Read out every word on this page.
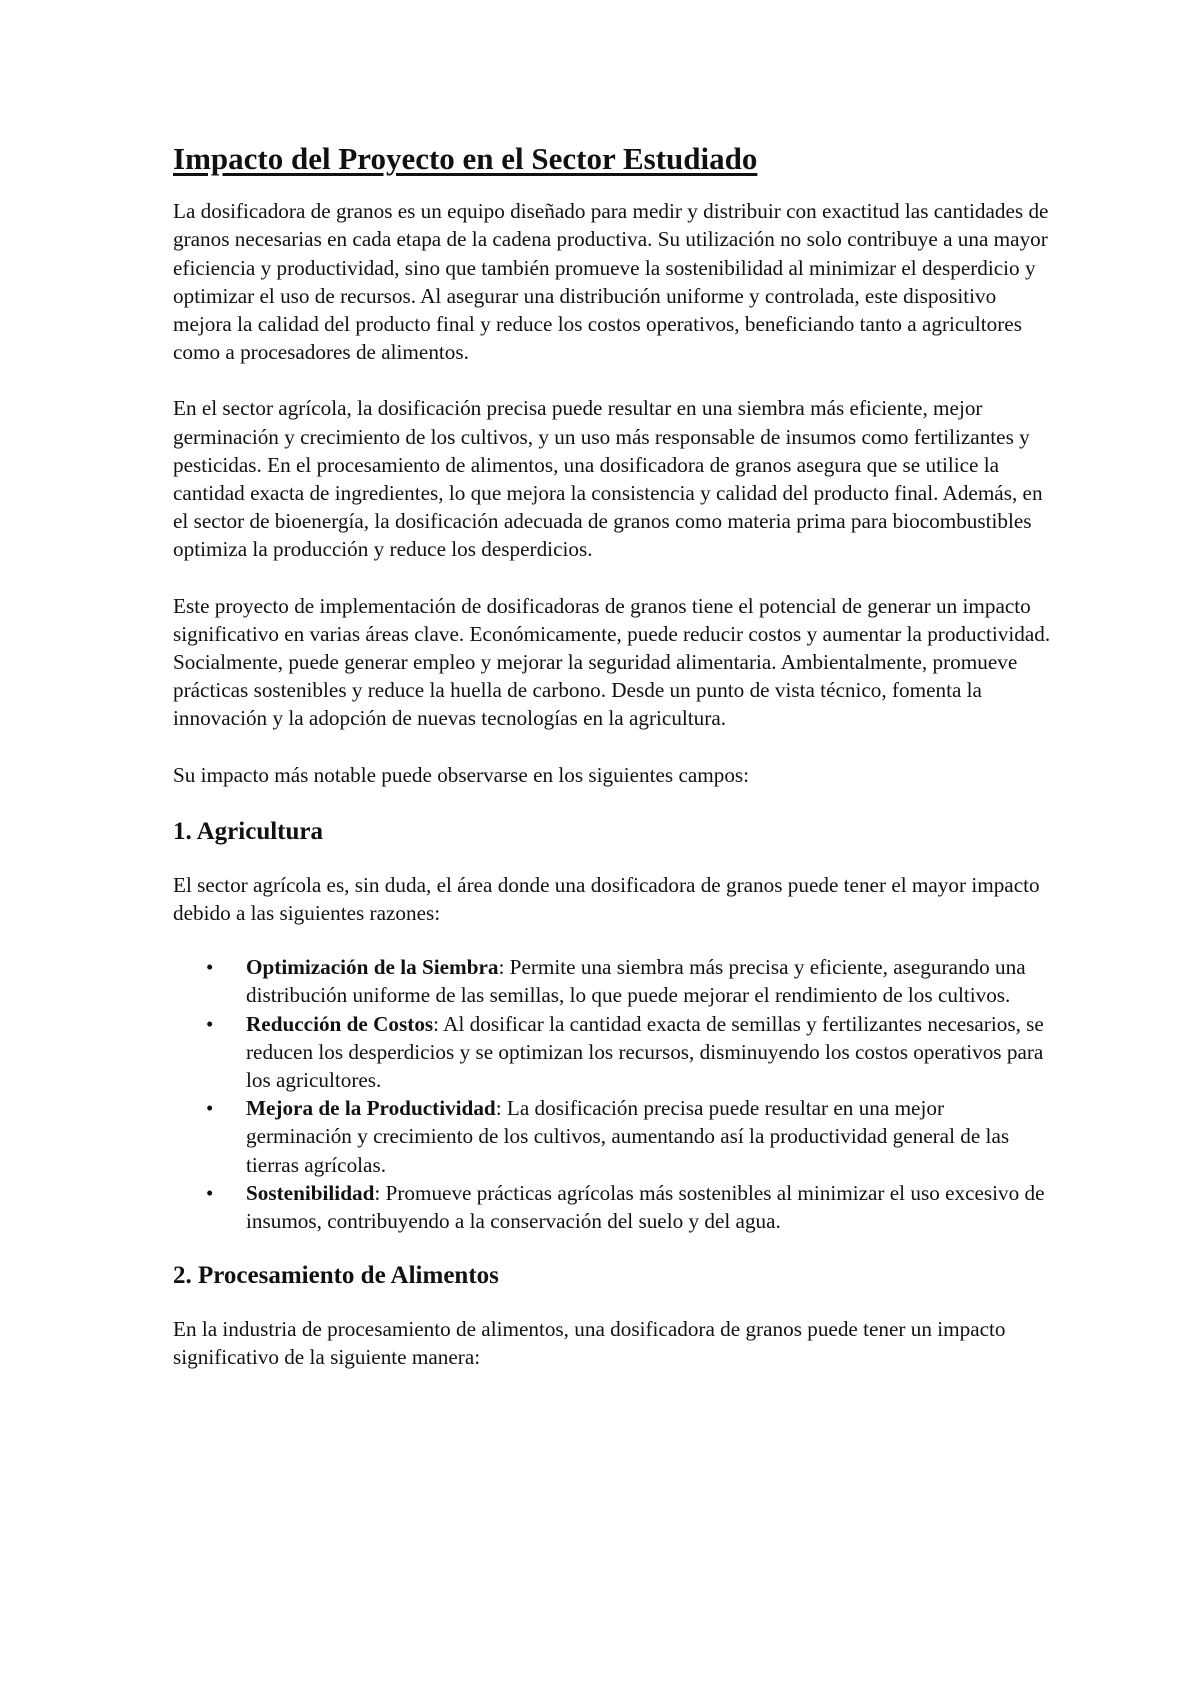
Impacto del Proyecto en el Sector Estudiado

La dosificadora de granos es un equipo diseñado para medir y distribuir con exactitud las cantidades de granos necesarias en cada etapa de la cadena productiva. Su utilización no solo contribuye a una mayor eficiencia y productividad, sino que también promueve la sostenibilidad al minimizar el desperdicio y optimizar el uso de recursos. Al asegurar una distribución uniforme y controlada, este dispositivo mejora la calidad del producto final y reduce los costos operativos, beneficiando tanto a agricultores como a procesadores de alimentos.

En el sector agrícola, la dosificación precisa puede resultar en una siembra más eficiente, mejor germinación y crecimiento de los cultivos, y un uso más responsable de insumos como fertilizantes y pesticidas. En el procesamiento de alimentos, una dosificadora de granos asegura que se utilice la cantidad exacta de ingredientes, lo que mejora la consistencia y calidad del producto final. Además, en el sector de bioenergía, la dosificación adecuada de granos como materia prima para biocombustibles optimiza la producción y reduce los desperdicios.

Este proyecto de implementación de dosificadoras de granos tiene el potencial de generar un impacto significativo en varias áreas clave. Económicamente, puede reducir costos y aumentar la productividad. Socialmente, puede generar empleo y mejorar la seguridad alimentaria. Ambientalmente, promueve prácticas sostenibles y reduce la huella de carbono. Desde un punto de vista técnico, fomenta la innovación y la adopción de nuevas tecnologías en la agricultura.

Su impacto más notable puede observarse en los siguientes campos:

1. Agricultura

El sector agrícola es, sin duda, el área donde una dosificadora de granos puede tener el mayor impacto debido a las siguientes razones:

• Optimización de la Siembra: Permite una siembra más precisa y eficiente, asegurando una distribución uniforme de las semillas, lo que puede mejorar el rendimiento de los cultivos.
• Reducción de Costos: Al dosificar la cantidad exacta de semillas y fertilizantes necesarios, se reducen los desperdicios y se optimizan los recursos, disminuyendo los costos operativos para los agricultores.
• Mejora de la Productividad: La dosificación precisa puede resultar en una mejor germinación y crecimiento de los cultivos, aumentando así la productividad general de las tierras agrícolas.
• Sostenibilidad: Promueve prácticas agrícolas más sostenibles al minimizar el uso excesivo de insumos, contribuyendo a la conservación del suelo y del agua.
2. Procesamiento de Alimentos

En la industria de procesamiento de alimentos, una dosificadora de granos puede tener un impacto significativo de la siguiente manera:
